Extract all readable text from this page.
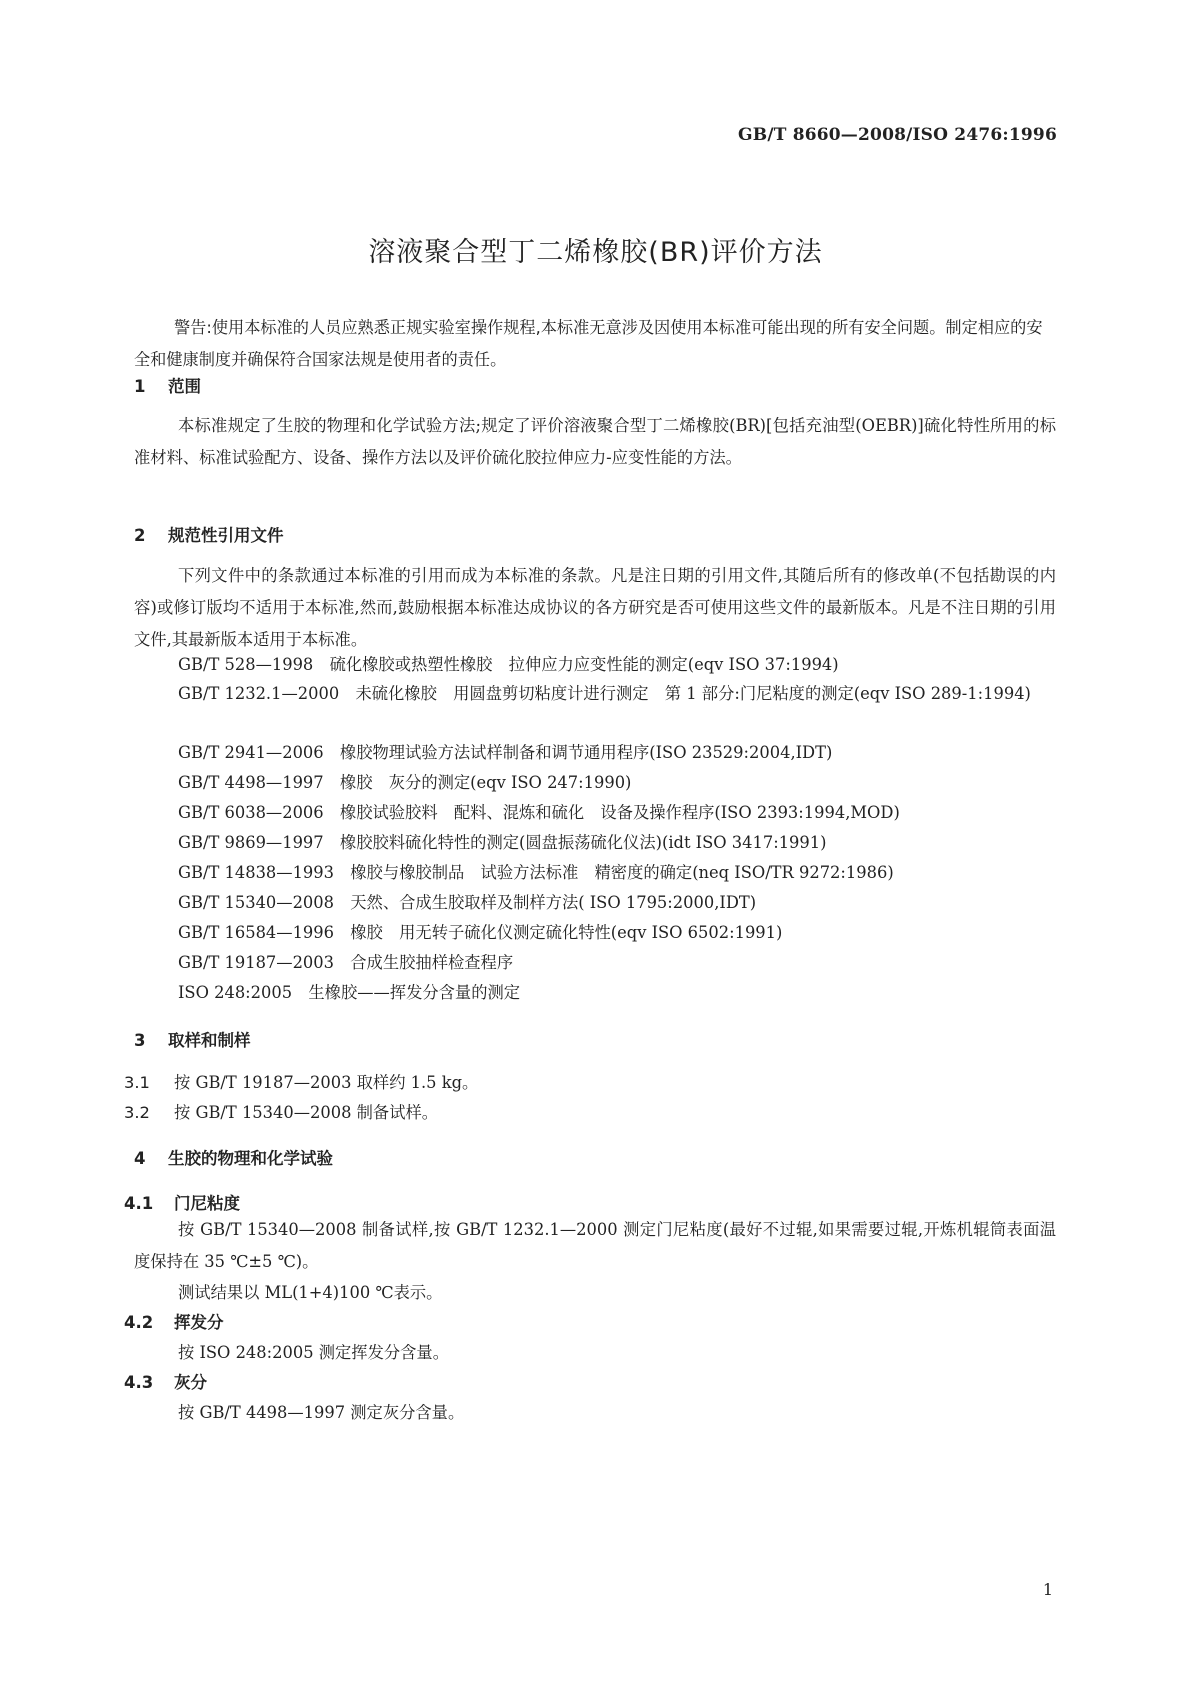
GB/T 8660—2008/ISO 2476:1996
溶液聚合型丁二烯橡胶(BR)评价方法
警告:使用本标准的人员应熟悉正规实验室操作规程,本标准无意涉及因使用本标准可能出现的所有安全问题。制定相应的安全和健康制度并确保符合国家法规是使用者的责任。
1 范围
本标准规定了生胶的物理和化学试验方法;规定了评价溶液聚合型丁二烯橡胶(BR)[包括充油型(OEBR)]硫化特性所用的标准材料、标准试验配方、设备、操作方法以及评价硫化胶拉伸应力-应变性能的方法。
2 规范性引用文件
下列文件中的条款通过本标准的引用而成为本标准的条款。凡是注日期的引用文件,其随后所有的修改单(不包括勘误的内容)或修订版均不适用于本标准,然而,鼓励根据本标准达成协议的各方研究是否可使用这些文件的最新版本。凡是不注日期的引用文件,其最新版本适用于本标准。
GB/T 528—1998　硫化橡胶或热塑性橡胶　拉伸应力应变性能的测定(eqv ISO 37:1994)
GB/T 1232.1—2000　未硫化橡胶　用圆盘剪切粘度计进行测定　第 1 部分:门尼粘度的测定(eqv ISO 289-1:1994)
GB/T 2941—2006　橡胶物理试验方法试样制备和调节通用程序(ISO 23529:2004,IDT)
GB/T 4498—1997　橡胶　灰分的测定(eqv ISO 247:1990)
GB/T 6038—2006　橡胶试验胶料　配料、混炼和硫化　设备及操作程序(ISO 2393:1994,MOD)
GB/T 9869—1997　橡胶胶料硫化特性的测定(圆盘振荡硫化仪法)(idt ISO 3417:1991)
GB/T 14838—1993　橡胶与橡胶制品　试验方法标准　精密度的确定(neq ISO/TR 9272:1986)
GB/T 15340—2008　天然、合成生胶取样及制样方法( ISO 1795:2000,IDT)
GB/T 16584—1996　橡胶　用无转子硫化仪测定硫化特性(eqv ISO 6502:1991)
GB/T 19187—2003　合成生胶抽样检查程序
ISO 248:2005　生橡胶——挥发分含量的测定
3 取样和制样
3.1 按 GB/T 19187—2003 取样约 1.5 kg。
3.2 按 GB/T 15340—2008 制备试样。
4 生胶的物理和化学试验
4.1 门尼粘度
按 GB/T 15340—2008 制备试样,按 GB/T 1232.1—2000 测定门尼粘度(最好不过辊,如果需要过辊,开炼机辊筒表面温度保持在 35 ℃±5 ℃)。
测试结果以 ML(1+4)100 ℃表示。
4.2 挥发分
按 ISO 248:2005 测定挥发分含量。
4.3 灰分
按 GB/T 4498—1997 测定灰分含量。
1
